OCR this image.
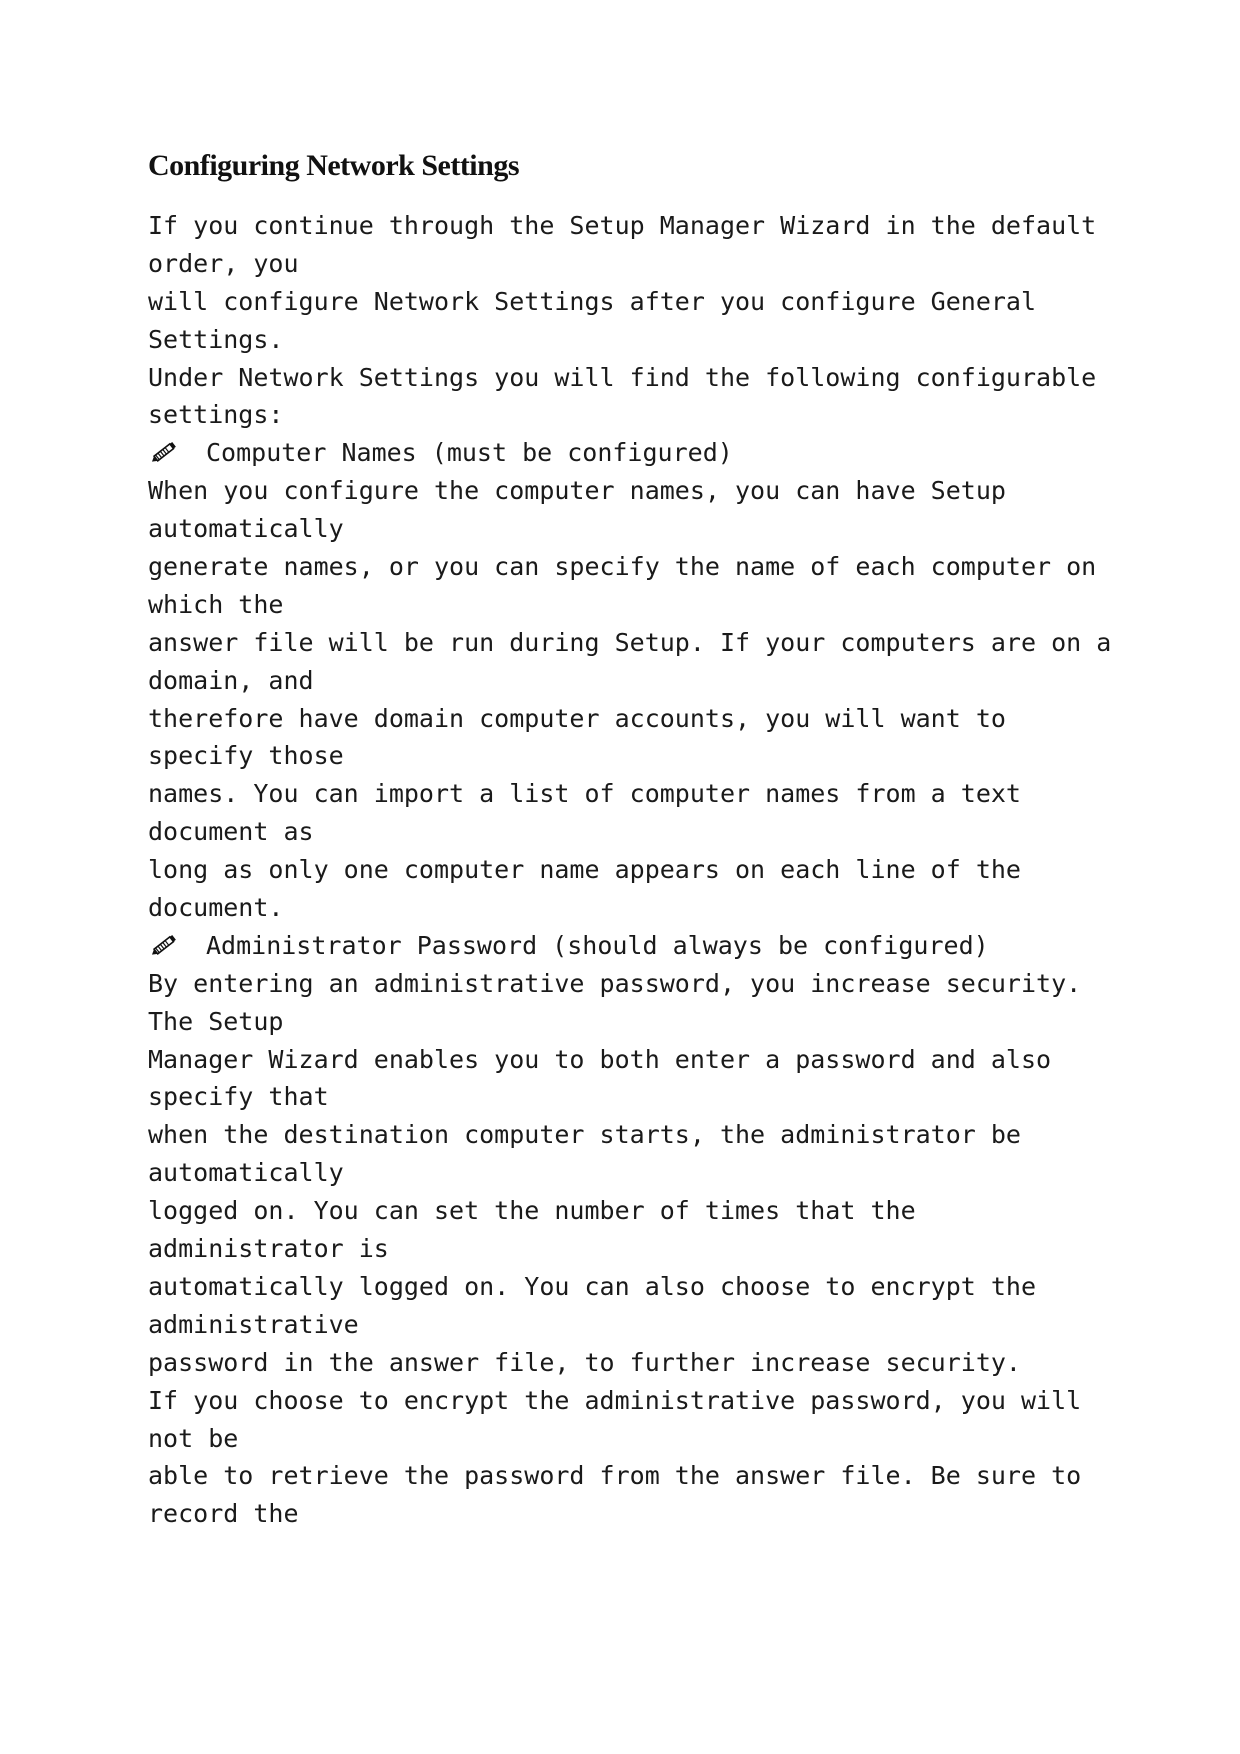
Configuring Network Settings
If you continue through the Setup Manager Wizard in the default
order, you
will configure Network Settings after you configure General
Settings.
Under Network Settings you will find the following configurable
settings:
Computer Names (must be configured)
When you configure the computer names, you can have Setup
automatically
generate names, or you can specify the name of each computer on
which the
answer file will be run during Setup. If your computers are on a
domain, and
therefore have domain computer accounts, you will want to
specify those
names. You can import a list of computer names from a text
document as
long as only one computer name appears on each line of the
document.
Administrator Password (should always be configured)
By entering an administrative password, you increase security.
The Setup
Manager Wizard enables you to both enter a password and also
specify that
when the destination computer starts, the administrator be
automatically
logged on. You can set the number of times that the
administrator is
automatically logged on. You can also choose to encrypt the
administrative
password in the answer file, to further increase security.
If you choose to encrypt the administrative password, you will
not be
able to retrieve the password from the answer file. Be sure to
record the
